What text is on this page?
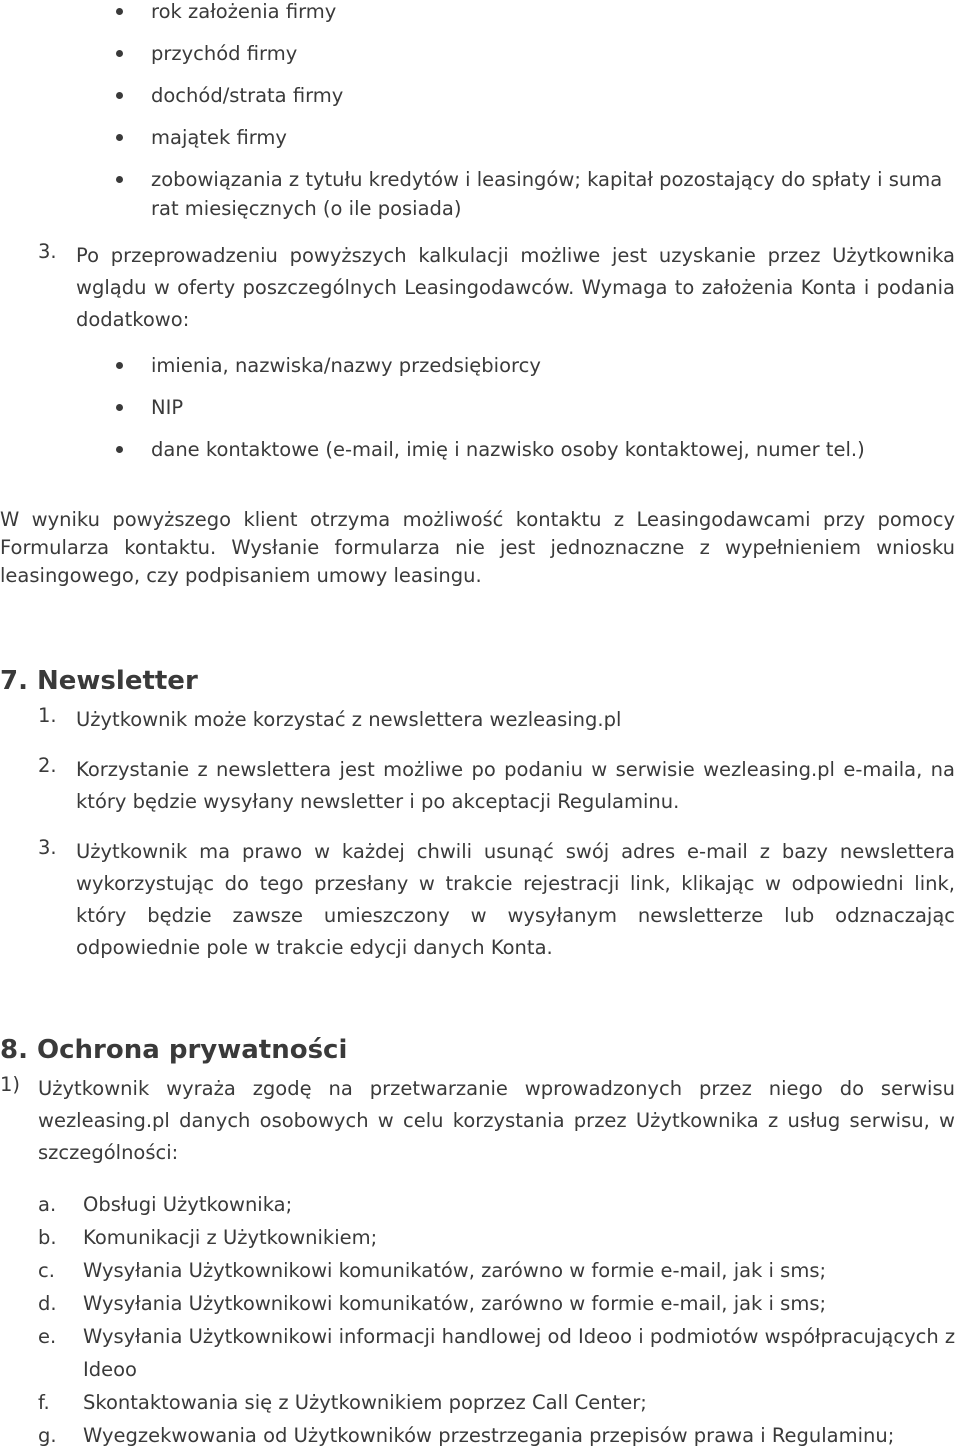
rok założenia firmy
przychód firmy
dochód/strata firmy
majątek firmy
zobowiązania z tytułu kredytów i leasingów; kapitał pozostający do spłaty i suma rat miesięcznych (o ile posiada)
3. Po przeprowadzeniu powyższych kalkulacji możliwe jest uzyskanie przez Użytkownika wglądu w oferty poszczególnych Leasingodawców. Wymaga to założenia Konta i podania dodatkowo:
imienia, nazwiska/nazwy przedsiębiorcy
NIP
dane kontaktowe (e-mail, imię i nazwisko osoby kontaktowej, numer tel.)

W wyniku powyższego klient otrzyma możliwość kontaktu z Leasingodawcami przy pomocy Formularza kontaktu. Wysłanie formularza nie jest jednoznaczne z wypełnieniem wniosku leasingowego, czy podpisaniem umowy leasingu.

7. Newsletter
1. Użytkownik może korzystać z newslettera wezleasing.pl
2. Korzystanie z newslettera jest możliwe po podaniu w serwisie wezleasing.pl e-maila, na który będzie wysyłany newsletter i po akceptacji Regulaminu.
3. Użytkownik ma prawo w każdej chwili usunąć swój adres e-mail z bazy newslettera wykorzystując do tego przesłany w trakcie rejestracji link, klikając w odpowiedni link, który będzie zawsze umieszczony w wysyłanym newsletterze lub odznaczając odpowiednie pole w trakcie edycji danych Konta.
8. Ochrona prywatności
1) Użytkownik wyraża zgodę na przetwarzanie wprowadzonych przez niego do serwisu wezleasing.pl danych osobowych w celu korzystania przez Użytkownika z usług serwisu, w szczególności:
a.	Obsługi Użytkownika;
b.	Komunikacji z Użytkownikiem;
c.	Wysyłania Użytkownikowi komunikatów, zarówno w formie e-mail, jak i sms;
d.	Wysyłania Użytkownikowi komunikatów, zarówno w formie e-mail, jak i sms;
e.	Wysyłania Użytkownikowi informacji handlowej od Ideoo i podmiotów współpracujących z Ideoo
f.	Skontaktowania się z Użytkownikiem poprzez Call Center;
g.	Wyegzekwowania od Użytkowników przestrzegania przepisów prawa i Regulaminu;
